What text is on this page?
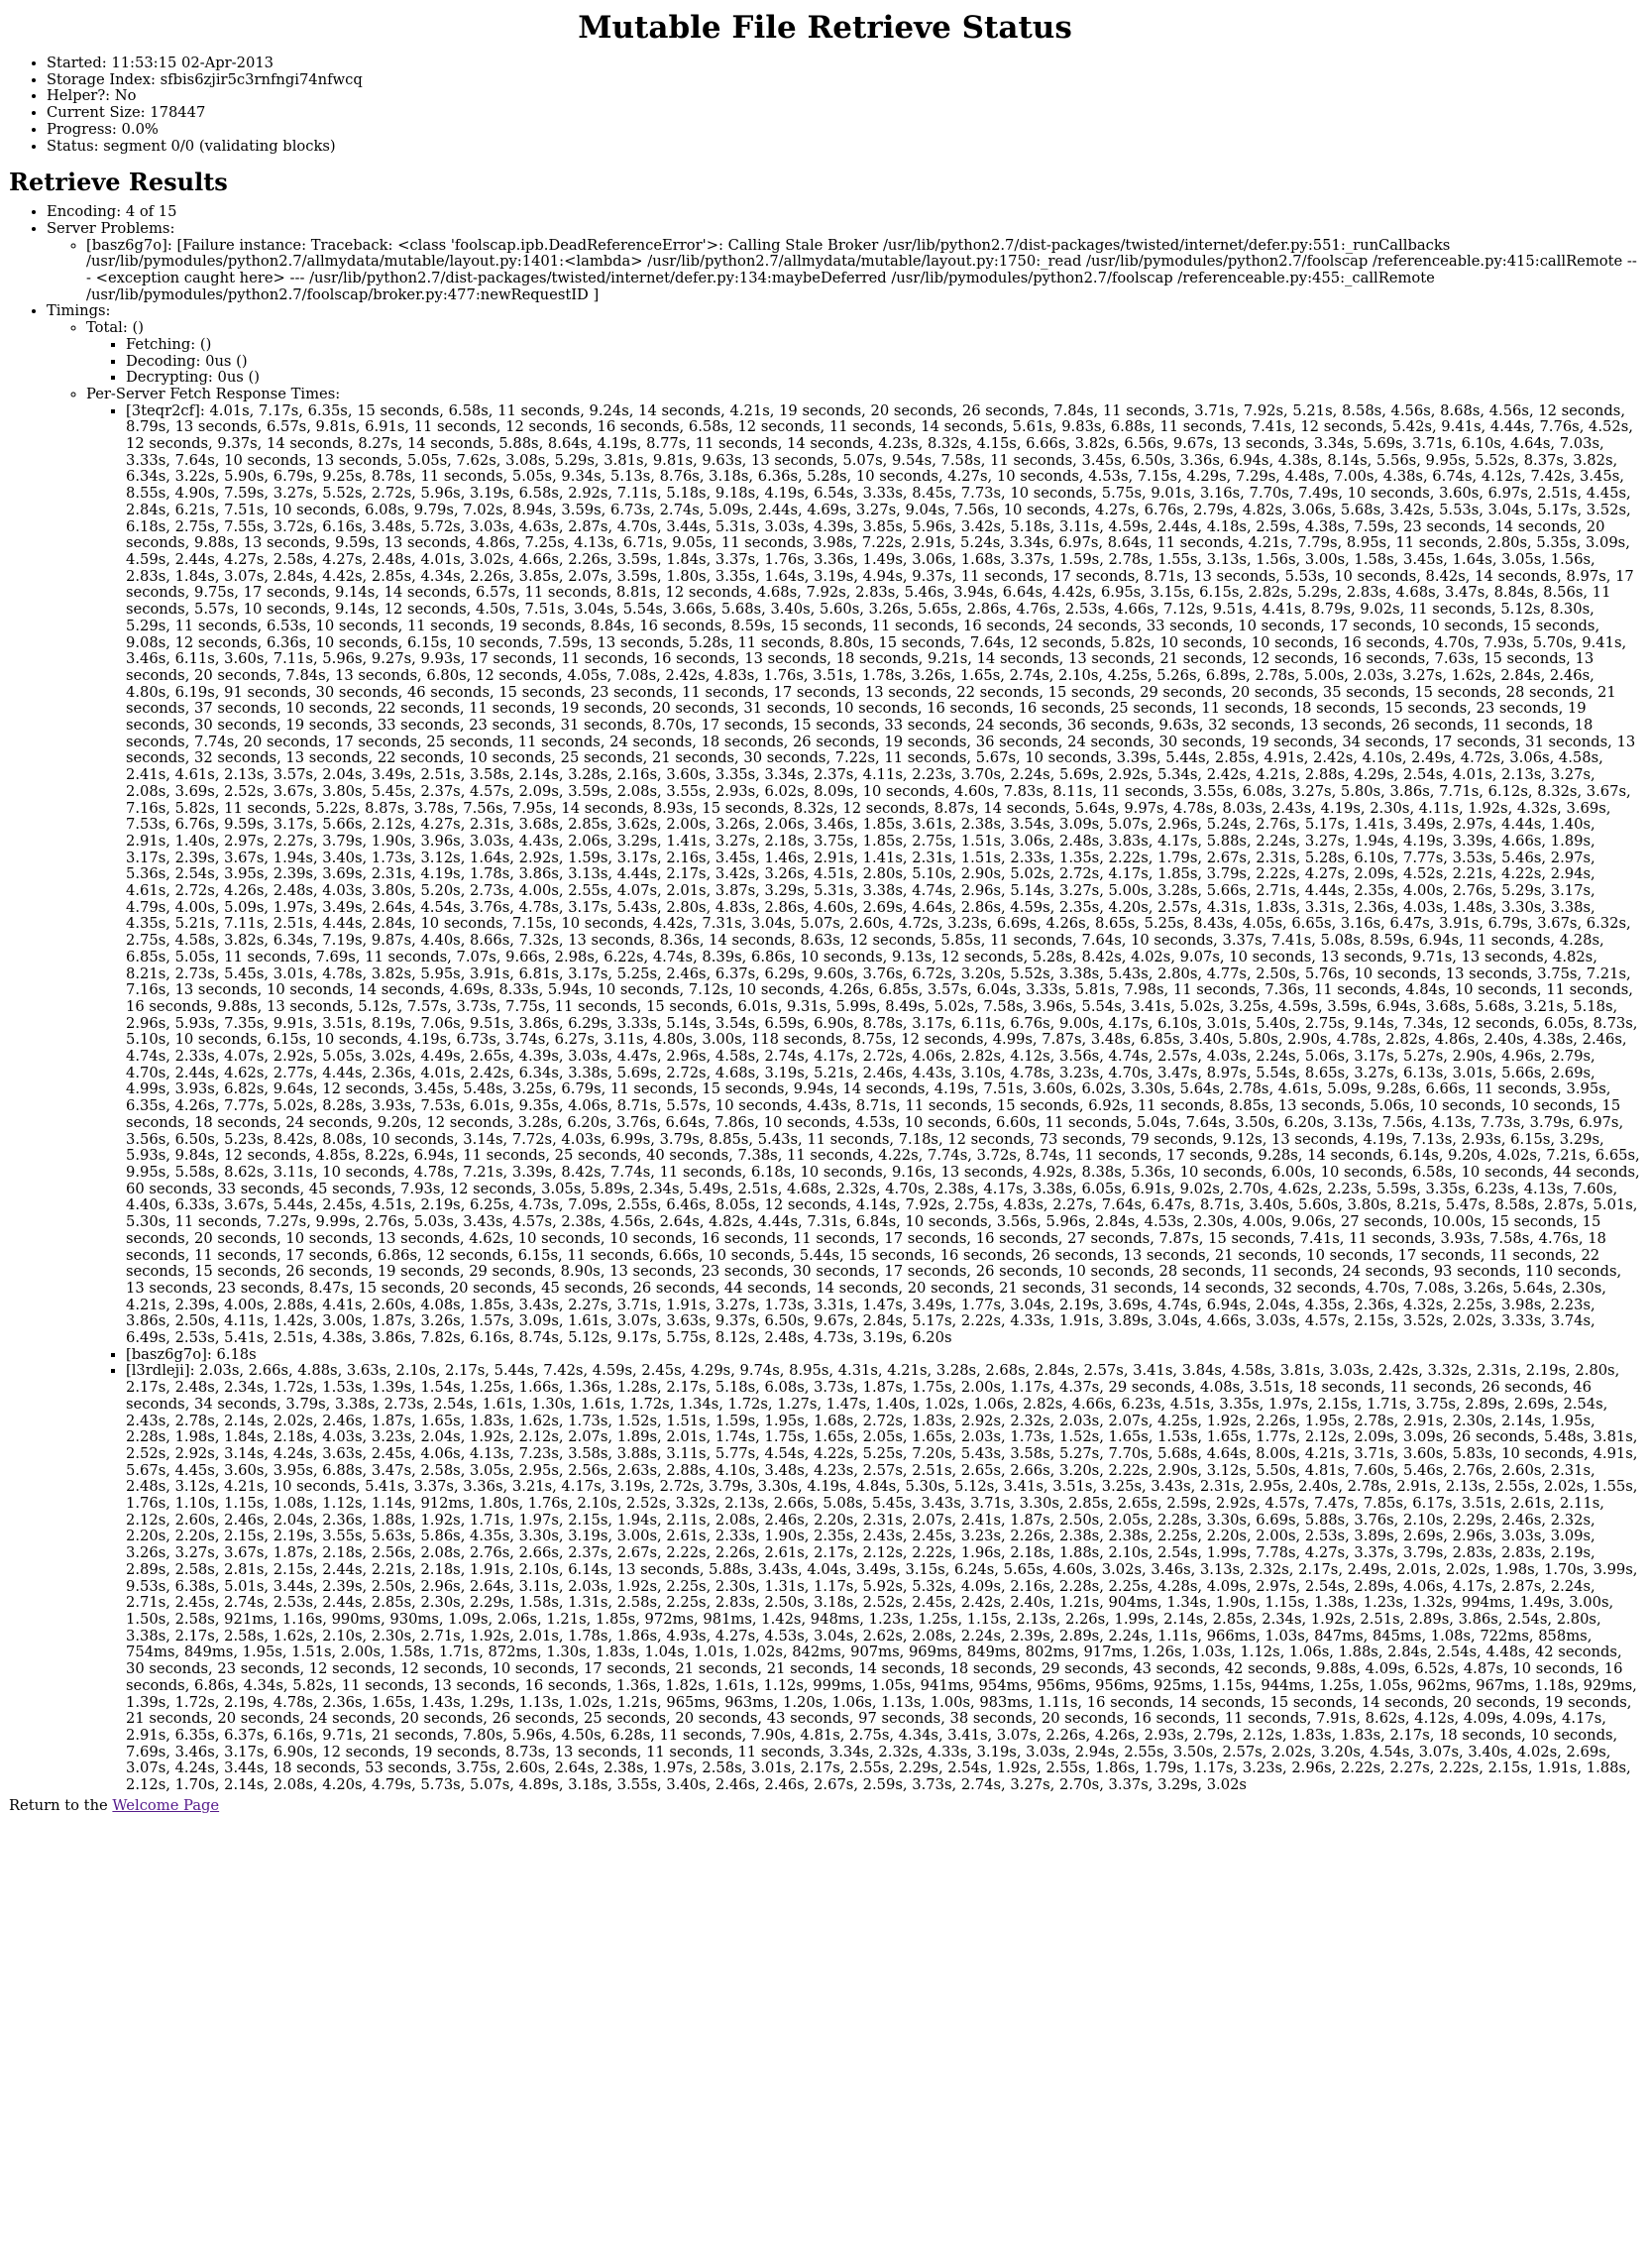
Mutable File Retrieve Status
• Started: 11:53:15 02-Apr-2013
• Storage Index: sfbis6zjir5c3rnfngi74nfwcq
• Helper?: No
• Current Size: 178447
• Progress: 0.0%
• Status: segment 0/0 (validating blocks)
Retrieve Results
• Encoding: 4 of 15
• Server Problems:
◦ [basz6g7o]: [Failure instance: Traceback: <class 'foolscap.ipb.DeadReferenceError'>: Calling Stale Broker /usr/lib/python2.7/dist-packages/twisted/internet/defer.py:551:_runCallbacks /usr/lib/pymodules/python2.7/allmydata/mutable/layout.py:1401:<lambda> /usr/lib/python2.7/allmydata/mutable/layout.py:1750:_read /usr/lib/pymodules/python2.7/foolscap /referenceable.py:415:callRemote --- <exception caught here> --- /usr/lib/python2.7/dist-packages/twisted/internet/defer.py:134:maybeDeferred /usr/lib/pymodules/python2.7/foolscap /referenceable.py:455:_callRemote /usr/lib/pymodules/python2.7/foolscap/broker.py:477:newRequestID ]
• Timings:
◦ Total: ()
▪ Fetching: ()
▪ Decoding: 0us ()
▪ Decrypting: 0us ()
◦ Per-Server Fetch Response Times:
▪ [3teqr2cf]: 4.01s, 7.17s, 6.35s, 15 seconds, 6.58s, 11 seconds, 9.24s, 14 seconds, 4.21s, 19 seconds, 20 seconds, 26 seconds, 7.84s, 11 seconds, 3.71s, 7.92s, 5.21s, 8.58s, 4.56s, 8.68s, 4.56s, 12 seconds, 8.79s, 13 seconds, 6.57s, 9.81s, 6.91s, 11 seconds, 12 seconds, 16 seconds, 6.58s, 12 seconds, 11 seconds, 14 seconds, 5.61s, 9.83s, 6.88s, 11 seconds, 7.41s, 12 seconds, 5.42s, 9.41s, 4.44s, 7.76s, 4.52s, 12 seconds, 9.37s, 14 seconds, 8.27s, 14 seconds, 5.88s, 8.64s, 4.19s, 8.77s, 11 seconds, 14 seconds, 4.23s, 8.32s, 4.15s, 6.66s, 3.82s, 6.56s, 9.67s, 13 seconds, 3.34s, 5.69s, 3.71s, 6.10s, 4.64s, 7.03s, 3.33s, 7.64s, 10 seconds, 13 seconds, 5.05s, 7.62s, 3.08s, 5.29s, 3.81s, 9.81s, 9.63s, 13 seconds, 5.07s, 9.54s, 7.58s, 11 seconds, 3.45s, 6.50s, 3.36s, 6.94s, 4.38s, 8.14s, 5.56s, 9.95s, 5.52s, 8.37s, 3.82s, 6.34s, 3.22s, 5.90s, 6.79s, 9.25s, 8.78s, 11 seconds, 5.05s, 9.34s, 5.13s, 8.76s, 3.18s, 6.36s, 5.28s, 10 seconds, 4.27s, 10 seconds, 4.53s, 7.15s, 4.29s, 7.29s, 4.48s, 7.00s, 4.38s, 6.74s, 4.12s, 7.42s, 3.45s, 8.55s, 4.90s, 7.59s, 3.27s, 5.52s, 2.72s, 5.96s, 3.19s, 6.58s, 2.92s, 7.11s, 5.18s, 9.18s, 4.19s, 6.54s, 3.33s, 8.45s, 7.73s, 10 seconds, 5.75s, 9.01s, 3.16s, 7.70s, 7.49s, 10 seconds, 3.60s, 6.97s, 2.51s, 4.45s, 2.84s, 6.21s, 7.51s, 10 seconds, 6.08s, 9.79s, 7.02s, 8.94s, 3.59s, 6.73s, 2.74s, 5.09s, 2.44s, 4.69s, 3.27s, 9.04s, 7.56s, 10 seconds, 4.27s, 6.76s, 2.79s, 4.82s, 3.06s, 5.68s, 3.42s, 5.53s, 3.04s, 5.17s, 3.52s, 6.18s, 2.75s, 7.55s, 3.72s, 6.16s, 3.48s, 5.72s, 3.03s, 4.63s, 2.87s, 4.70s, 3.44s, 5.31s, 3.03s, 4.39s, 3.85s, 5.96s, 3.42s, 5.18s, 3.11s, 4.59s, 2.44s, 4.18s, 2.59s, 4.38s, 7.59s, 23 seconds, 14 seconds, 20 seconds, 9.88s, 13 seconds, 9.59s, 13 seconds, 4.86s, 7.25s, 4.13s, 6.71s, 9.05s, 11 seconds, 3.98s, 7.22s, 2.91s, 5.24s, 3.34s, 6.97s, 8.64s, 11 seconds, 4.21s, 7.79s, 8.95s, 11 seconds, 2.80s, 5.35s, 3.09s, 4.59s, 2.44s, 4.27s, 2.58s, 4.27s, 2.48s, 4.01s, 3.02s, 4.66s, 2.26s, 3.59s, 1.84s, 3.37s, 1.76s, 3.36s, 1.49s, 3.06s, 1.68s, 3.37s, 1.59s, 2.78s, 1.55s, 3.13s, 1.56s, 3.00s, 1.58s, 3.45s, 1.64s, 3.05s, 1.56s, 2.83s, 1.84s, 3.07s, 2.84s, 4.42s, 2.85s, 4.34s, 2.26s, 3.85s, 2.07s, 3.59s, 1.80s, 3.35s, 1.64s, 3.19s, 4.94s, 9.37s, 11 seconds, 17 seconds, 8.71s, 13 seconds, 5.53s, 10 seconds, 8.42s, 14 seconds, 8.97s, 17 seconds, 9.75s, 17 seconds, 9.14s, 14 seconds, 6.57s, 11 seconds, 8.81s, 12 seconds, 4.68s, 7.92s, 2.83s, 5.46s, 3.94s, 6.64s, 4.42s, 6.95s, 3.15s, 6.15s, 2.82s, 5.29s, 2.83s, 4.68s, 3.47s, 8.84s, 8.56s, 11 seconds, 5.57s, 10 seconds, 9.14s, 12 seconds, 4.50s, 7.51s, 3.04s, 5.54s, 3.66s, 5.68s, 3.40s, 5.60s, 3.26s, 5.65s, 2.86s, 4.76s, 2.53s, 4.66s, 7.12s, 9.51s, 4.41s, 8.79s, 9.02s, 11 seconds, 5.12s, 8.30s, 5.29s, 11 seconds, 6.53s, 10 seconds, 11 seconds, 19 seconds, 8.84s, 16 seconds, 8.59s, 15 seconds, 11 seconds, 16 seconds, 24 seconds, 33 seconds, 10 seconds, 17 seconds, 10 seconds, 15 seconds, 9.08s, 12 seconds, 6.36s, 10 seconds, 6.15s, 10 seconds, 7.59s, 13 seconds, 5.28s, 11 seconds, 8.80s, 15 seconds, 7.64s, 12 seconds, 5.82s, 10 seconds, 10 seconds, 16 seconds, 4.70s, 7.93s, 5.70s, 9.41s, 3.46s, 6.11s, 3.60s, 7.11s, 5.96s, 9.27s, 9.93s, 17 seconds, 11 seconds, 16 seconds, 13 seconds, 18 seconds, 9.21s, 14 seconds, 13 seconds, 21 seconds, 12 seconds, 16 seconds, 7.63s, 15 seconds, 13 seconds, 20 seconds, 7.84s, 13 seconds, 6.80s, 12 seconds, 4.05s, 7.08s, 2.42s, 4.83s, 1.76s, 3.51s, 1.78s, 3.26s, 1.65s, 2.74s, 2.10s, 4.25s, 5.26s, 6.89s, 2.78s, 5.00s, 2.03s, 3.27s, 1.62s, 2.84s, 2.46s, 4.80s, 6.19s, 91 seconds, 30 seconds, 46 seconds, 15 seconds, 23 seconds, 11 seconds, 17 seconds, 13 seconds, 22 seconds, 15 seconds, 29 seconds, 20 seconds, 35 seconds, 15 seconds, 28 seconds, 21 seconds, 37 seconds, 10 seconds, 22 seconds, 11 seconds, 19 seconds, 20 seconds, 31 seconds, 10 seconds, 16 seconds, 16 seconds, 25 seconds, 11 seconds, 18 seconds, 15 seconds, 23 seconds, 19 seconds, 30 seconds, 19 seconds, 33 seconds, 23 seconds, 31 seconds, 8.70s, 17 seconds, 15 seconds, 33 seconds, 24 seconds, 36 seconds, 9.63s, 32 seconds, 13 seconds, 26 seconds, 11 seconds, 18 seconds, 7.74s, 20 seconds, 17 seconds, 25 seconds, 11 seconds, 24 seconds, 18 seconds, 26 seconds, 19 seconds, 36 seconds, 24 seconds, 30 seconds, 19 seconds, 34 seconds, 17 seconds, 31 seconds, 13 seconds, 32 seconds, 13 seconds, 22 seconds, 10 seconds, 25 seconds, 21 seconds, 30 seconds, 7.22s, 11 seconds, 5.67s, 10 seconds, 3.39s, 5.44s, 2.85s, 4.91s, 2.42s, 4.10s, 2.49s, 4.72s, 3.06s, 4.58s, 2.41s, 4.61s, 2.13s, 3.57s, 2.04s, 3.49s, 2.51s, 3.58s, 2.14s, 3.28s, 2.16s, 3.60s, 3.35s, 3.34s, 2.37s, 4.11s, 2.23s, 3.70s, 2.24s, 5.69s, 2.92s, 5.34s, 2.42s, 4.21s, 2.88s, 4.29s, 2.54s, 4.01s, 2.13s, 3.27s, 2.08s, 3.69s, 2.52s, 3.67s, 3.80s, 5.45s, 2.37s, 4.57s, 2.09s, 3.59s, 2.08s, 3.55s, 2.93s, 6.02s, 8.09s, 10 seconds, 4.60s, 7.83s, 8.11s, 11 seconds, 3.55s, 6.08s, 3.27s, 5.80s, 3.86s, 7.71s, 6.12s, 8.32s, 3.67s, 7.16s, 5.82s, 11 seconds, 5.22s, 8.87s, 3.78s, 7.56s, 7.95s, 14 seconds, 8.93s, 15 seconds, 8.32s, 12 seconds, 8.87s, 14 seconds, 5.64s, 9.97s, 4.78s, 8.03s, 2.43s, 4.19s, 2.30s, 4.11s, 1.92s, 4.32s, 3.69s, 7.53s, 6.76s, 9.59s, 3.17s, 5.66s, 2.12s, 4.27s, 2.31s, 3.68s, 2.85s, 3.62s, 2.00s, 3.26s, 2.06s, 3.46s, 1.85s, 3.61s, 2.38s, 3.54s, 3.09s, 5.07s, 2.96s, 5.24s, 2.76s, 5.17s, 1.41s, 3.49s, 2.97s, 4.44s, 1.40s, 2.91s, 1.40s, 2.97s, 2.27s, 3.79s, 1.90s, 3.96s, 3.03s, 4.43s, 2.06s, 3.29s, 1.41s, 3.27s, 2.18s, 3.75s, 1.85s, 2.75s, 1.51s, 3.06s, 2.48s, 3.83s, 4.17s, 5.88s, 2.24s, 3.27s, 1.94s, 4.19s, 3.39s, 4.66s, 1.89s, 3.17s, 2.39s, 3.67s, 1.94s, 3.40s, 1.73s, 3.12s, 1.64s, 2.92s, 1.59s, 3.17s, 2.16s, 3.45s, 1.46s, 2.91s, 1.41s, 2.31s, 1.51s, 2.33s, 1.35s, 2.22s, 1.79s, 2.67s, 2.31s, 5.28s, 6.10s, 7.77s, 3.53s, 5.46s, 2.97s, 5.36s, 2.54s, 3.95s, 2.39s, 3.69s, 2.31s, 4.19s, 1.78s, 3.86s, 3.13s, 4.44s, 2.17s, 3.42s, 3.26s, 4.51s, 2.80s, 5.10s, 2.90s, 5.02s, 2.72s, 4.17s, 1.85s, 3.79s, 2.22s, 4.27s, 2.09s, 4.52s, 2.21s, 4.22s, 2.94s, 4.61s, 2.72s, 4.26s, 2.48s, 4.03s, 3.80s, 5.20s, 2.73s, 4.00s, 2.55s, 4.07s, 2.01s, 3.87s, 3.29s, 5.31s, 3.38s, 4.74s, 2.96s, 5.14s, 3.27s, 5.00s, 3.28s, 5.66s, 2.71s, 4.44s, 2.35s, 4.00s, 2.76s, 5.29s, 3.17s, 4.79s, 4.00s, 5.09s, 1.97s, 3.49s, 2.64s, 4.54s, 3.76s, 4.78s, 3.17s, 5.43s, 2.80s, 4.83s, 2.86s, 4.60s, 2.69s, 4.64s, 2.86s, 4.59s, 2.35s, 4.20s, 2.57s, 4.31s, 1.83s, 3.31s, 2.36s, 4.03s, 1.48s, 3.30s, 3.38s, 4.35s, 5.21s, 7.11s, 2.51s, 4.44s, 2.84s, 10 seconds, 7.15s, 10 seconds, 4.42s, 7.31s, 3.04s, 5.07s, 2.60s, 4.72s, 3.23s, 6.69s, 4.26s, 8.65s, 5.25s, 8.43s, 4.05s, 6.65s, 3.16s, 6.47s, 3.91s, 6.79s, 3.67s, 6.32s, 2.75s, 4.58s, 3.82s, 6.34s, 7.19s, 9.87s, 4.40s, 8.66s, 7.32s, 13 seconds, 8.36s, 14 seconds, 8.63s, 12 seconds, 5.85s, 11 seconds, 7.64s, 10 seconds, 3.37s, 7.41s, 5.08s, 8.59s, 6.94s, 11 seconds, 4.28s, 6.85s, 5.05s, 11 seconds, 7.69s, 11 seconds, 7.07s, 9.66s, 2.98s, 6.22s, 4.74s, 8.39s, 6.86s, 10 seconds, 9.13s, 12 seconds, 5.28s, 8.42s, 4.02s, 9.07s, 10 seconds, 13 seconds, 9.71s, 13 seconds, 4.82s, 8.21s, 2.73s, 5.45s, 3.01s, 4.78s, 3.82s, 5.95s, 3.91s, 6.81s, 3.17s, 5.25s, 2.46s, 6.37s, 6.29s, 9.60s, 3.76s, 6.72s, 3.20s, 5.52s, 3.38s, 5.43s, 2.80s, 4.77s, 2.50s, 5.76s, 10 seconds, 13 seconds, 3.75s, 7.21s, 7.16s, 13 seconds, 10 seconds, 14 seconds, 4.69s, 8.33s, 5.94s, 10 seconds, 7.12s, 10 seconds, 4.26s, 6.85s, 3.57s, 6.04s, 3.33s, 5.81s, 7.98s, 11 seconds, 7.36s, 11 seconds, 4.84s, 10 seconds, 11 seconds, 16 seconds, 9.88s, 13 seconds, 5.12s, 7.57s, 3.73s, 7.75s, 11 seconds, 15 seconds, 6.01s, 9.31s, 5.99s, 8.49s, 5.02s, 7.58s, 3.96s, 5.54s, 3.41s, 5.02s, 3.25s, 4.59s, 3.59s, 6.94s, 3.68s, 5.68s, 3.21s, 5.18s, 2.96s, 5.93s, 7.35s, 9.91s, 3.51s, 8.19s, 7.06s, 9.51s, 3.86s, 6.29s, 3.33s, 5.14s, 3.54s, 6.59s, 6.90s, 8.78s, 3.17s, 6.11s, 6.76s, 9.00s, 4.17s, 6.10s, 3.01s, 5.40s, 2.75s, 9.14s, 7.34s, 12 seconds, 6.05s, 8.73s, 5.10s, 10 seconds, 6.15s, 10 seconds, 4.19s, 6.73s, 3.74s, 6.27s, 3.11s, 4.80s, 3.00s, 118 seconds, 8.75s, 12 seconds, 4.99s, 7.87s, 3.48s, 6.85s, 3.40s, 5.80s, 2.90s, 4.78s, 2.82s, 4.86s, 2.40s, 4.38s, 2.46s, 4.74s, 2.33s, 4.07s, 2.92s, 5.05s, 3.02s, 4.49s, 2.65s, 4.39s, 3.03s, 4.47s, 2.96s, 4.58s, 2.74s, 4.17s, 2.72s, 4.06s, 2.82s, 4.12s, 3.56s, 4.74s, 2.57s, 4.03s, 2.24s, 5.06s, 3.17s, 5.27s, 2.90s, 4.96s, 2.79s, 4.70s, 2.44s, 4.62s, 2.77s, 4.44s, 2.36s, 4.01s, 2.42s, 6.34s, 3.38s, 5.69s, 2.72s, 4.68s, 3.19s, 5.21s, 2.46s, 4.43s, 3.10s, 4.78s, 3.23s, 4.70s, 3.47s, 8.97s, 5.54s, 8.65s, 3.27s, 6.13s, 3.01s, 5.66s, 2.69s, 4.99s, 3.93s, 6.82s, 9.64s, 12 seconds, 3.45s, 5.48s, 3.25s, 6.79s, 11 seconds, 15 seconds, 9.94s, 14 seconds, 4.19s, 7.51s, 3.60s, 6.02s, 3.30s, 5.64s, 2.78s, 4.61s, 5.09s, 9.28s, 6.66s, 11 seconds, 3.95s, 6.35s, 4.26s, 7.77s, 5.02s, 8.28s, 3.93s, 7.53s, 6.01s, 9.35s, 4.06s, 8.71s, 5.57s, 10 seconds, 4.43s, 8.71s, 11 seconds, 15 seconds, 6.92s, 11 seconds, 8.85s, 13 seconds, 5.06s, 10 seconds, 10 seconds, 15 seconds, 18 seconds, 24 seconds, 9.20s, 12 seconds, 3.28s, 6.20s, 3.76s, 6.64s, 7.86s, 10 seconds, 4.53s, 10 seconds, 6.60s, 11 seconds, 5.04s, 7.64s, 3.50s, 6.20s, 3.13s, 7.56s, 4.13s, 7.73s, 3.79s, 6.97s, 3.56s, 6.50s, 5.23s, 8.42s, 8.08s, 10 seconds, 3.14s, 7.72s, 4.03s, 6.99s, 3.79s, 8.85s, 5.43s, 11 seconds, 7.18s, 12 seconds, 73 seconds, 79 seconds, 9.12s, 13 seconds, 4.19s, 7.13s, 2.93s, 6.15s, 3.29s, 5.93s, 9.84s, 12 seconds, 4.85s, 8.22s, 6.94s, 11 seconds, 25 seconds, 40 seconds, 7.38s, 11 seconds, 4.22s, 7.74s, 3.72s, 8.74s, 11 seconds, 17 seconds, 9.28s, 14 seconds, 6.14s, 9.20s, 4.02s, 7.21s, 6.65s, 9.95s, 5.58s, 8.62s, 3.11s, 10 seconds, 4.78s, 7.21s, 3.39s, 8.42s, 7.74s, 11 seconds, 6.18s, 10 seconds, 9.16s, 13 seconds, 4.92s, 8.38s, 5.36s, 10 seconds, 6.00s, 10 seconds, 6.58s, 10 seconds, 44 seconds, 60 seconds, 33 seconds, 45 seconds, 7.93s, 12 seconds, 3.05s, 5.89s, 2.34s, 5.49s, 2.51s, 4.68s, 2.32s, 4.70s, 2.38s, 4.17s, 3.38s, 6.05s, 6.91s, 9.02s, 2.70s, 4.62s, 2.23s, 5.59s, 3.35s, 6.23s, 4.13s, 7.60s, 4.40s, 6.33s, 3.67s, 5.44s, 2.45s, 4.51s, 2.19s, 6.25s, 4.73s, 7.09s, 2.55s, 6.46s, 8.05s, 12 seconds, 4.14s, 7.92s, 2.75s, 4.83s, 2.27s, 7.64s, 6.47s, 8.71s, 3.40s, 5.60s, 3.80s, 8.21s, 5.47s, 8.58s, 2.87s, 5.01s, 5.30s, 11 seconds, 7.27s, 9.99s, 2.76s, 5.03s, 3.43s, 4.57s, 2.38s, 4.56s, 2.64s, 4.82s, 4.44s, 7.31s, 6.84s, 10 seconds, 3.56s, 5.96s, 2.84s, 4.53s, 2.30s, 4.00s, 9.06s, 27 seconds, 10.00s, 15 seconds, 15 seconds, 20 seconds, 10 seconds, 13 seconds, 4.62s, 10 seconds, 10 seconds, 16 seconds, 11 seconds, 17 seconds, 16 seconds, 27 seconds, 7.87s, 15 seconds, 7.41s, 11 seconds, 3.93s, 7.58s, 4.76s, 18 seconds, 11 seconds, 17 seconds, 6.86s, 12 seconds, 6.15s, 11 seconds, 6.66s, 10 seconds, 5.44s, 15 seconds, 16 seconds, 26 seconds, 13 seconds, 21 seconds, 10 seconds, 17 seconds, 11 seconds, 22 seconds, 15 seconds, 26 seconds, 19 seconds, 29 seconds, 8.90s, 13 seconds, 23 seconds, 30 seconds, 17 seconds, 26 seconds, 10 seconds, 28 seconds, 11 seconds, 24 seconds, 93 seconds, 110 seconds, 13 seconds, 23 seconds, 8.47s, 15 seconds, 20 seconds, 45 seconds, 26 seconds, 44 seconds, 14 seconds, 20 seconds, 21 seconds, 31 seconds, 14 seconds, 32 seconds, 4.70s, 7.08s, 3.26s, 5.64s, 2.30s, 4.21s, 2.39s, 4.00s, 2.88s, 4.41s, 2.60s, 4.08s, 1.85s, 3.43s, 2.27s, 3.71s, 1.91s, 3.27s, 1.73s, 3.31s, 1.47s, 3.49s, 1.77s, 3.04s, 2.19s, 3.69s, 4.74s, 6.94s, 2.04s, 4.35s, 2.36s, 4.32s, 2.25s, 3.98s, 2.23s, 3.86s, 2.50s, 4.11s, 1.42s, 3.00s, 1.87s, 3.26s, 1.57s, 3.09s, 1.61s, 3.07s, 3.63s, 9.37s, 6.50s, 9.67s, 2.84s, 5.17s, 2.22s, 4.33s, 1.91s, 3.89s, 3.04s, 4.66s, 3.03s, 4.57s, 2.15s, 3.52s, 2.02s, 3.33s, 3.74s, 6.49s, 2.53s, 5.41s, 2.51s, 4.38s, 3.86s, 7.82s, 6.16s, 8.74s, 5.12s, 9.17s, 5.75s, 8.12s, 2.48s, 4.73s, 3.19s, 6.20s
▪ [basz6g7o]: 6.18s
▪ [l3rdleji]: 2.03s, 2.66s, 4.88s, 3.63s, 2.10s, 2.17s, 5.44s, 7.42s, 4.59s, 2.45s, 4.29s, 9.74s, 8.95s, 4.31s, 4.21s, 3.28s, 2.68s, 2.84s, 2.57s, 3.41s, 3.84s, 4.58s, 3.81s, 3.03s, 2.42s, 3.32s, 2.31s, 2.19s, 2.80s, 2.17s, 2.48s, 2.34s, 1.72s, 1.53s, 1.39s, 1.54s, 1.25s, 1.66s, 1.36s, 1.28s, 2.17s, 5.18s, 6.08s, 3.73s, 1.87s, 1.75s, 2.00s, 1.17s, 4.37s, 29 seconds, 4.08s, 3.51s, 18 seconds, 11 seconds, 26 seconds, 46 seconds, 34 seconds, 3.79s, 3.38s, 2.73s, 2.54s, 1.61s, 1.30s, 1.61s, 1.72s, 1.34s, 1.72s, 1.27s, 1.47s, 1.40s, 1.02s, 1.06s, 2.82s, 4.66s, 6.23s, 4.51s, 3.35s, 1.97s, 2.15s, 1.71s, 3.75s, 2.89s, 2.69s, 2.54s, 2.43s, 2.78s, 2.14s, 2.02s, 2.46s, 1.87s, 1.65s, 1.83s, 1.62s, 1.73s, 1.52s, 1.51s, 1.59s, 1.95s, 1.68s, 2.72s, 1.83s, 2.92s, 2.32s, 2.03s, 2.07s, 4.25s, 1.92s, 2.26s, 1.95s, 2.78s, 2.91s, 2.30s, 2.14s, 1.95s, 2.28s, 1.98s, 1.84s, 2.18s, 4.03s, 3.23s, 2.04s, 1.92s, 2.12s, 2.07s, 1.89s, 2.01s, 1.74s, 1.75s, 1.65s, 2.05s, 1.65s, 2.03s, 1.73s, 1.52s, 1.65s, 1.53s, 1.65s, 1.77s, 2.12s, 2.09s, 3.09s, 26 seconds, 5.48s, 3.81s, 2.52s, 2.92s, 3.14s, 4.24s, 3.63s, 2.45s, 4.06s, 4.13s, 7.23s, 3.58s, 3.88s, 3.11s, 5.77s, 4.54s, 4.22s, 5.25s, 7.20s, 5.43s, 3.58s, 5.27s, 7.70s, 5.68s, 4.64s, 8.00s, 4.21s, 3.71s, 3.60s, 5.83s, 10 seconds, 4.91s, 5.67s, 4.45s, 3.60s, 3.95s, 6.88s, 3.47s, 2.58s, 3.05s, 2.95s, 2.56s, 2.63s, 2.88s, 4.10s, 3.48s, 4.23s, 2.57s, 2.51s, 2.65s, 2.66s, 3.20s, 2.22s, 2.90s, 3.12s, 5.50s, 4.81s, 7.60s, 5.46s, 2.76s, 2.60s, 2.31s, 2.48s, 3.12s, 4.21s, 10 seconds, 5.41s, 3.37s, 3.36s, 3.21s, 4.17s, 3.19s, 2.72s, 3.79s, 3.30s, 4.19s, 4.84s, 5.30s, 5.12s, 3.41s, 3.51s, 3.25s, 3.43s, 2.31s, 2.95s, 2.40s, 2.78s, 2.91s, 2.13s, 2.55s, 2.02s, 1.55s, 1.76s, 1.10s, 1.15s, 1.08s, 1.12s, 1.14s, 912ms, 1.80s, 1.76s, 2.10s, 2.52s, 3.32s, 2.13s, 2.66s, 5.08s, 5.45s, 3.43s, 3.71s, 3.30s, 2.85s, 2.65s, 2.59s, 2.92s, 4.57s, 7.47s, 7.85s, 6.17s, 3.51s, 2.61s, 2.11s, 2.12s, 2.60s, 2.46s, 2.04s, 2.36s, 1.88s, 1.92s, 1.71s, 1.97s, 2.15s, 1.94s, 2.11s, 2.08s, 2.46s, 2.20s, 2.31s, 2.07s, 2.41s, 1.87s, 2.50s, 2.05s, 2.28s, 3.30s, 6.69s, 5.88s, 3.76s, 2.10s, 2.29s, 2.46s, 2.32s, 2.20s, 2.20s, 2.15s, 2.19s, 3.55s, 5.63s, 5.86s, 4.35s, 3.30s, 3.19s, 3.00s, 2.61s, 2.33s, 1.90s, 2.35s, 2.43s, 2.45s, 3.23s, 2.26s, 2.38s, 2.38s, 2.25s, 2.20s, 2.00s, 2.53s, 3.89s, 2.69s, 2.96s, 3.03s, 3.09s, 3.26s, 3.27s, 3.67s, 1.87s, 2.18s, 2.56s, 2.08s, 2.76s, 2.66s, 2.37s, 2.67s, 2.22s, 2.26s, 2.61s, 2.17s, 2.12s, 2.22s, 1.96s, 2.18s, 1.88s, 2.10s, 2.54s, 1.99s, 7.78s, 4.27s, 3.37s, 3.79s, 2.83s, 2.83s, 2.19s, 2.89s, 2.58s, 2.81s, 2.15s, 2.44s, 2.21s, 2.18s, 1.91s, 2.10s, 6.14s, 13 seconds, 5.88s, 3.43s, 4.04s, 3.49s, 3.15s, 6.24s, 5.65s, 4.60s, 3.02s, 3.46s, 3.13s, 2.32s, 2.17s, 2.49s, 2.01s, 2.02s, 1.98s, 1.70s, 3.99s, 9.53s, 6.38s, 5.01s, 3.44s, 2.39s, 2.50s, 2.96s, 2.64s, 3.11s, 2.03s, 1.92s, 2.25s, 2.30s, 1.31s, 1.17s, 5.92s, 5.32s, 4.09s, 2.16s, 2.28s, 2.25s, 4.28s, 4.09s, 2.97s, 2.54s, 2.89s, 4.06s, 4.17s, 2.87s, 2.24s, 2.71s, 2.45s, 2.74s, 2.53s, 2.44s, 2.85s, 2.30s, 2.29s, 1.58s, 1.31s, 2.58s, 2.25s, 2.83s, 2.50s, 3.18s, 2.52s, 2.45s, 2.42s, 2.40s, 1.21s, 904ms, 1.34s, 1.90s, 1.15s, 1.38s, 1.23s, 1.32s, 994ms, 1.49s, 3.00s, 1.50s, 2.58s, 921ms, 1.16s, 990ms, 930ms, 1.09s, 2.06s, 1.21s, 1.85s, 972ms, 981ms, 1.42s, 948ms, 1.23s, 1.25s, 1.15s, 2.13s, 2.26s, 1.99s, 2.14s, 2.85s, 2.34s, 1.92s, 2.51s, 2.89s, 3.86s, 2.54s, 2.80s, 3.38s, 2.17s, 2.58s, 1.62s, 2.10s, 2.30s, 2.71s, 1.92s, 2.01s, 1.78s, 1.86s, 4.93s, 4.27s, 4.53s, 3.04s, 2.62s, 2.08s, 2.24s, 2.39s, 2.89s, 2.24s, 1.11s, 966ms, 1.03s, 847ms, 845ms, 1.08s, 722ms, 858ms, 754ms, 849ms, 1.95s, 1.51s, 2.00s, 1.58s, 1.71s, 872ms, 1.30s, 1.83s, 1.04s, 1.01s, 1.02s, 842ms, 907ms, 969ms, 849ms, 802ms, 917ms, 1.26s, 1.03s, 1.12s, 1.06s, 1.88s, 2.84s, 2.54s, 4.48s, 42 seconds, 30 seconds, 23 seconds, 12 seconds, 12 seconds, 10 seconds, 17 seconds, 21 seconds, 21 seconds, 14 seconds, 18 seconds, 29 seconds, 43 seconds, 42 seconds, 9.88s, 4.09s, 6.52s, 4.87s, 10 seconds, 16 seconds, 6.86s, 4.34s, 5.82s, 11 seconds, 13 seconds, 16 seconds, 1.36s, 1.82s, 1.61s, 1.12s, 999ms, 1.05s, 941ms, 954ms, 956ms, 956ms, 925ms, 1.15s, 944ms, 1.25s, 1.05s, 962ms, 967ms, 1.18s, 929ms, 1.39s, 1.72s, 2.19s, 4.78s, 2.36s, 1.65s, 1.43s, 1.29s, 1.13s, 1.02s, 1.21s, 965ms, 963ms, 1.20s, 1.06s, 1.13s, 1.00s, 983ms, 1.11s, 16 seconds, 14 seconds, 15 seconds, 14 seconds, 20 seconds, 19 seconds, 21 seconds, 20 seconds, 24 seconds, 20 seconds, 26 seconds, 25 seconds, 20 seconds, 43 seconds, 97 seconds, 38 seconds, 20 seconds, 16 seconds, 11 seconds, 7.91s, 8.62s, 4.12s, 4.09s, 4.09s, 4.17s, 2.91s, 6.35s, 6.37s, 6.16s, 9.71s, 21 seconds, 7.80s, 5.96s, 4.50s, 6.28s, 11 seconds, 7.90s, 4.81s, 2.75s, 4.34s, 3.41s, 3.07s, 2.26s, 4.26s, 2.93s, 2.79s, 2.12s, 1.83s, 1.83s, 2.17s, 18 seconds, 10 seconds, 7.69s, 3.46s, 3.17s, 6.90s, 12 seconds, 19 seconds, 8.73s, 13 seconds, 11 seconds, 11 seconds, 3.34s, 2.32s, 4.33s, 3.19s, 3.03s, 2.94s, 2.55s, 3.50s, 2.57s, 2.02s, 3.20s, 4.54s, 3.07s, 3.40s, 4.02s, 2.69s, 3.07s, 4.24s, 3.44s, 18 seconds, 53 seconds, 3.75s, 2.60s, 2.64s, 2.38s, 1.97s, 2.58s, 3.01s, 2.17s, 2.55s, 2.29s, 2.54s, 1.92s, 2.55s, 1.86s, 1.79s, 1.17s, 3.23s, 2.96s, 2.22s, 2.27s, 2.22s, 2.15s, 1.91s, 1.88s, 2.12s, 1.70s, 2.14s, 2.08s, 4.20s, 4.79s, 5.73s, 5.07s, 4.89s, 3.18s, 3.55s, 3.40s, 2.46s, 2.46s, 2.67s, 2.59s, 3.73s, 2.74s, 3.27s, 2.70s, 3.37s, 3.29s, 3.02s
Return to the Welcome Page
